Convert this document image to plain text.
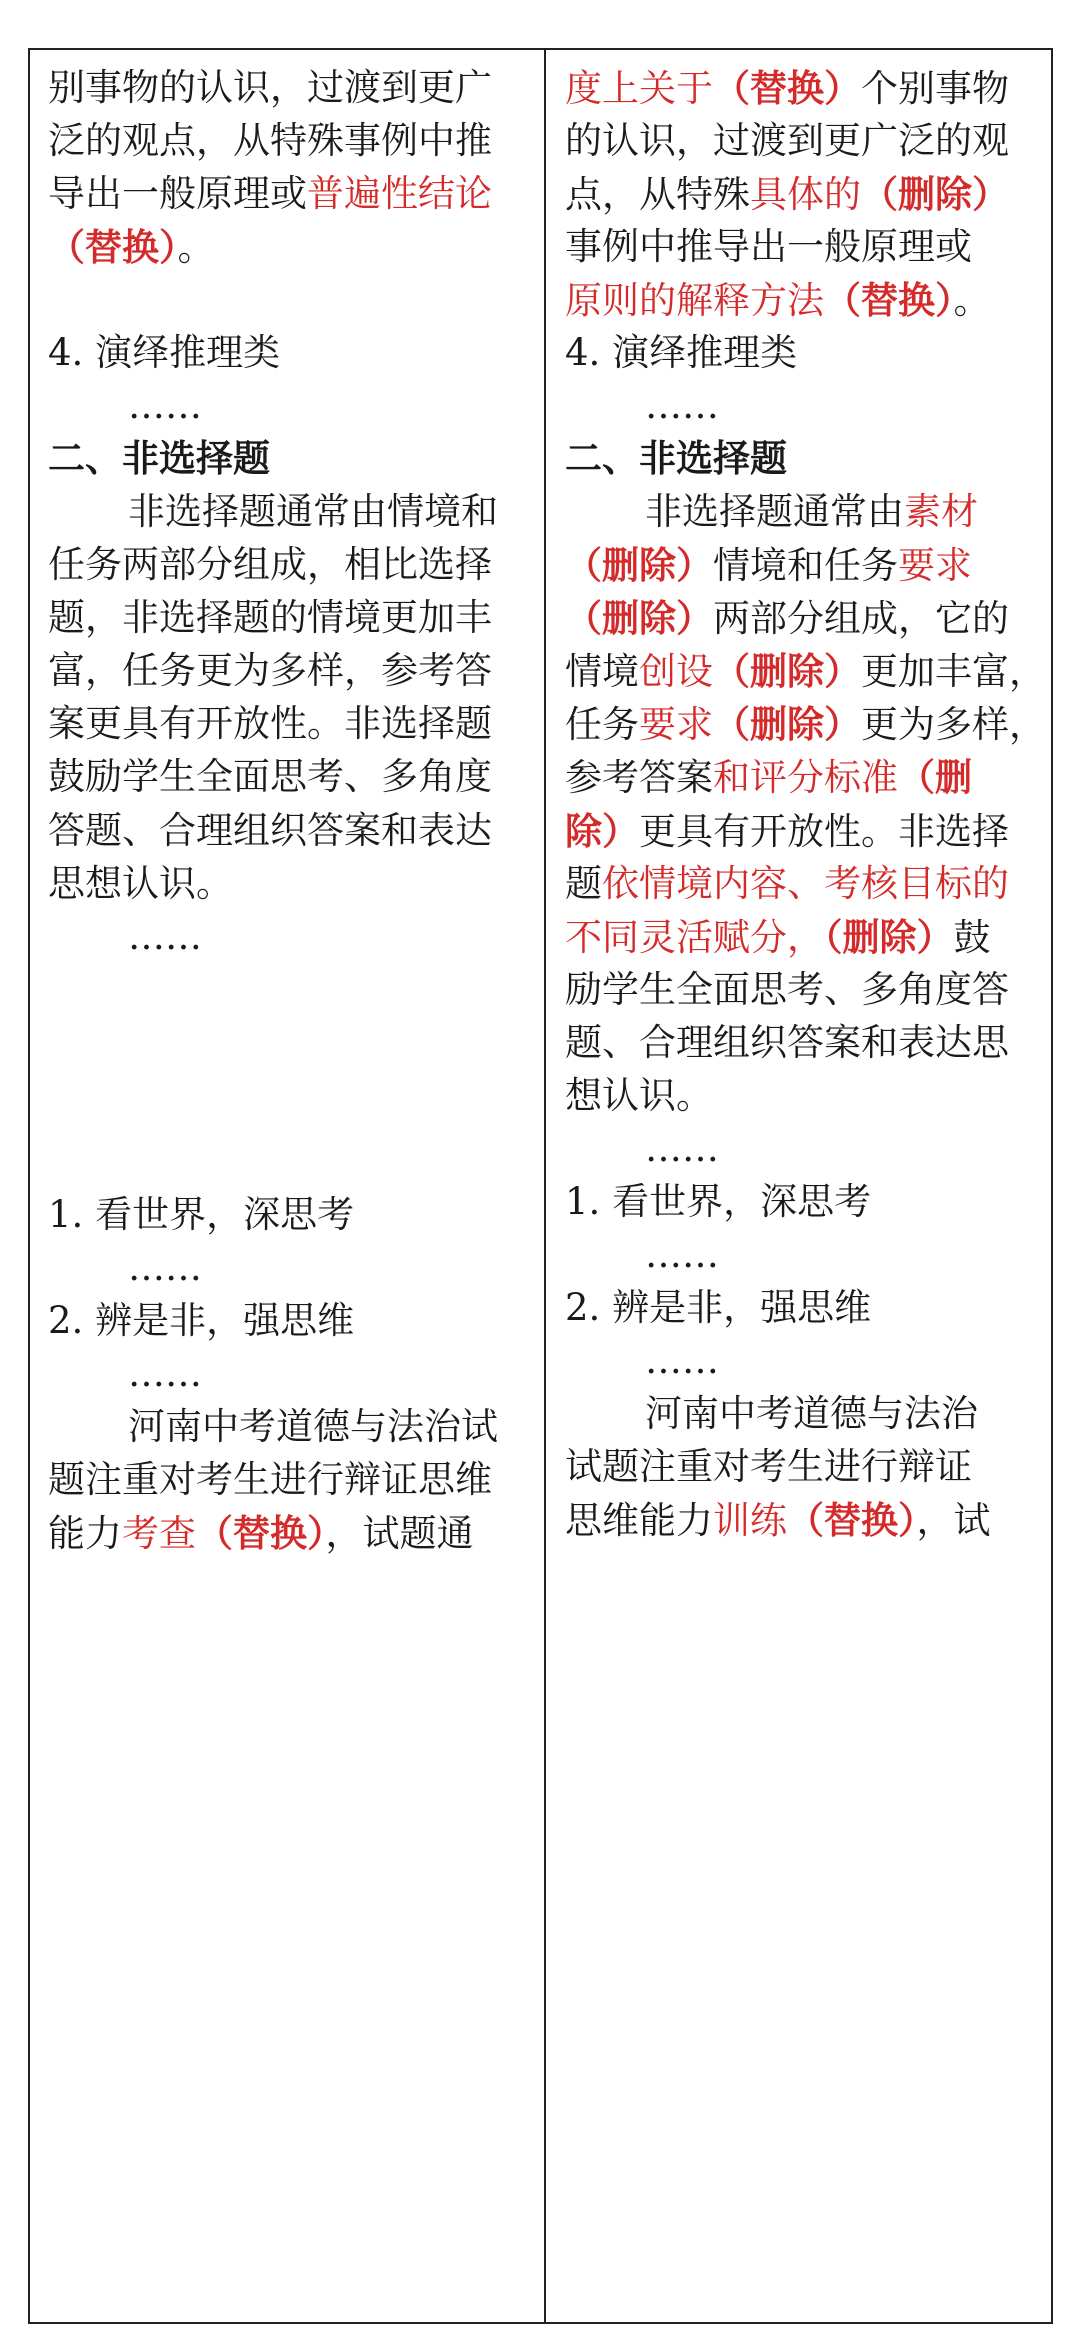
别事物的认识，过渡到更广
泛的观点，从特殊事例中推
导出一般原理或普遍性结论
（替换）。
4. 演绎推理类
……
二、非选择题
非选择题通常由情境和
任务两部分组成，相比选择
题，非选择题的情境更加丰
富，任务更为多样，参考答
案更具有开放性。非选择题
鼓励学生全面思考、多角度
答题、合理组织答案和表达
思想认识。
……
1. 看世界，深思考
……
2. 辨是非，强思维
……
河南中考道德与法治试
题注重对考生进行辩证思维
能力考查（替换），试题通
度上关于（替换）个别事物
的认识，过渡到更广泛的观
点，从特殊具体的（删除）
事例中推导出一般原理或
原则的解释方法（替换）。
4. 演绎推理类
……
二、非选择题
非选择题通常由素材
（删除）情境和任务要求
（删除）两部分组成，它的
情境创设（删除）更加丰富，
任务要求（删除）更为多样，
参考答案和评分标准（删
除）更具有开放性。非选择
题依情境内容、考核目标的
不同灵活赋分，（删除）鼓
励学生全面思考、多角度答
题、合理组织答案和表达思
想认识。
……
1. 看世界，深思考
……
2. 辨是非，强思维
……
河南中考道德与法治
试题注重对考生进行辩证
思维能力训练（替换），试
